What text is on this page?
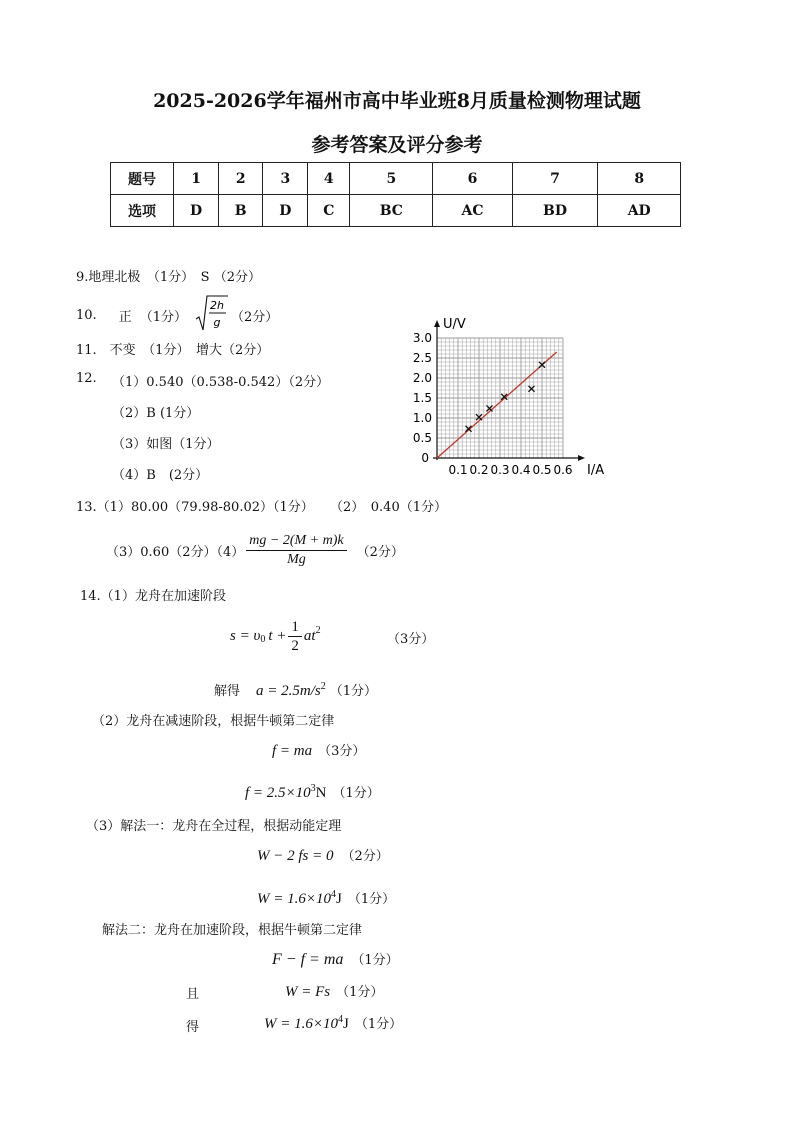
2025-2026学年福州市高中毕业班8月质量检测物理试题
参考答案及评分参考
题号	1	2	3	4	5	6	7	8
选项	D	B	D	C	BC	AC	BD	AD
9.地理北极　（1分）　S （2分）
10. 正 （1分）
2h
g （2分）
11.　不变　（1分）　增大（2分）
12. （1）0.540（0.538-0.542）（2分）
（2）B (1分）
（3）如图（1分）
（4）B　(2分）	0.1 0.2 0.3 0.4 0.5 0.6
0.5
1.0
1.5
2.0
2.5
3.0
0
U/V
I/A
13.（1）80.00（79.98-80.02）（1分） （2）　0.40（1分）
（3）0.60（2分）$(4) \frac{mg - 2(M + m)k}{Mg} (2$分）
14.（1）龙舟在加速阶段
s = υ 0 $t + \frac{1}{2}$ at 2
（3分）
解得 a = 2.5m/s 2 （1分）
（2）龙舟在减速阶段，根据牛顿第二定律
f = ma （3分）
f = 2.5×10 3 N （1分）
（3）解法一：龙舟在全过程，根据动能定理
W − 2 fs = 0 （2分）
W = 1.6×10 4 J （1分）
解法二：龙舟在加速阶段，根据牛顿第二定律
F − f = ma （1分）
且	W = Fs （1分）
得	W = 1.6×10 4 J （1分）
